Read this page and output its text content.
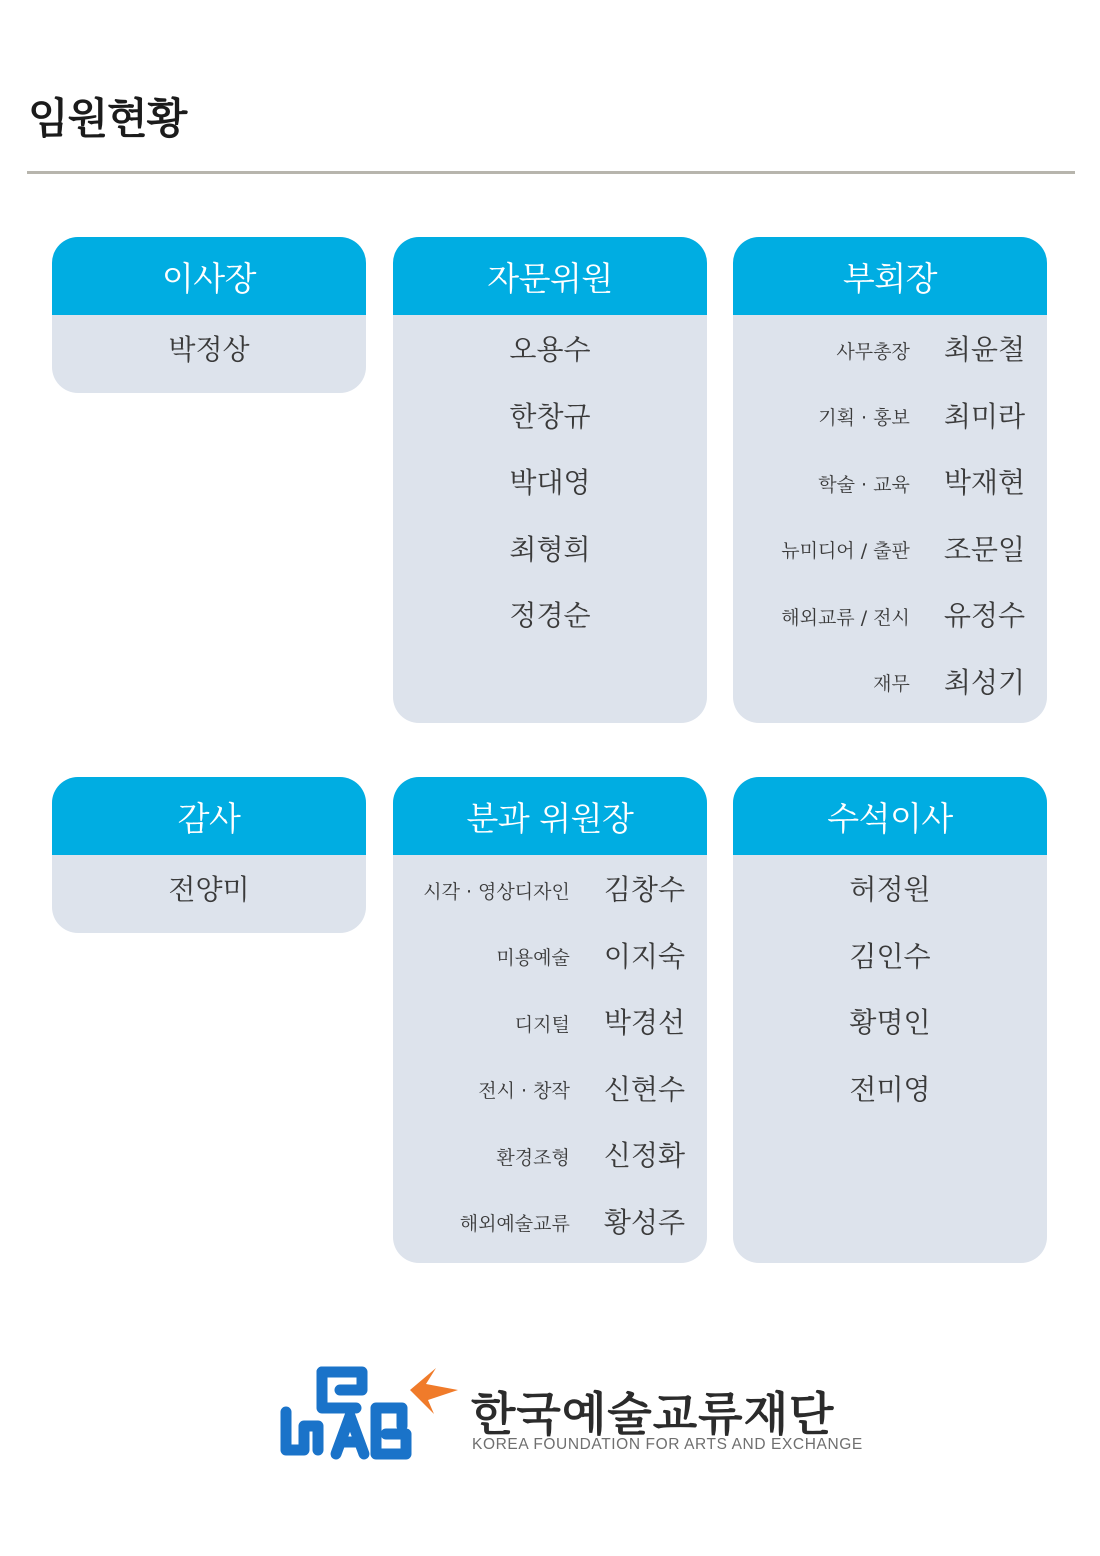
임원현황
이사장
박정상
자문위원
오용수
한창규
박대영
최형희
정경순
부회장
사무총장 최윤철
기획 · 홍보 최미라
학술 · 교육 박재현
뉴미디어 / 출판 조문일
해외교류 / 전시 유정수
재무 최성기
감사
전양미
분과 위원장
시각 · 영상디자인 김창수
미용예술 이지숙
디지털 박경선
전시 · 창작 신현수
환경조형 신정화
해외예술교류 황성주
수석이사
허정원
김인수
황명인
전미영
한국예술교류재단
KOREA FOUNDATION FOR ARTS AND EXCHANGE
